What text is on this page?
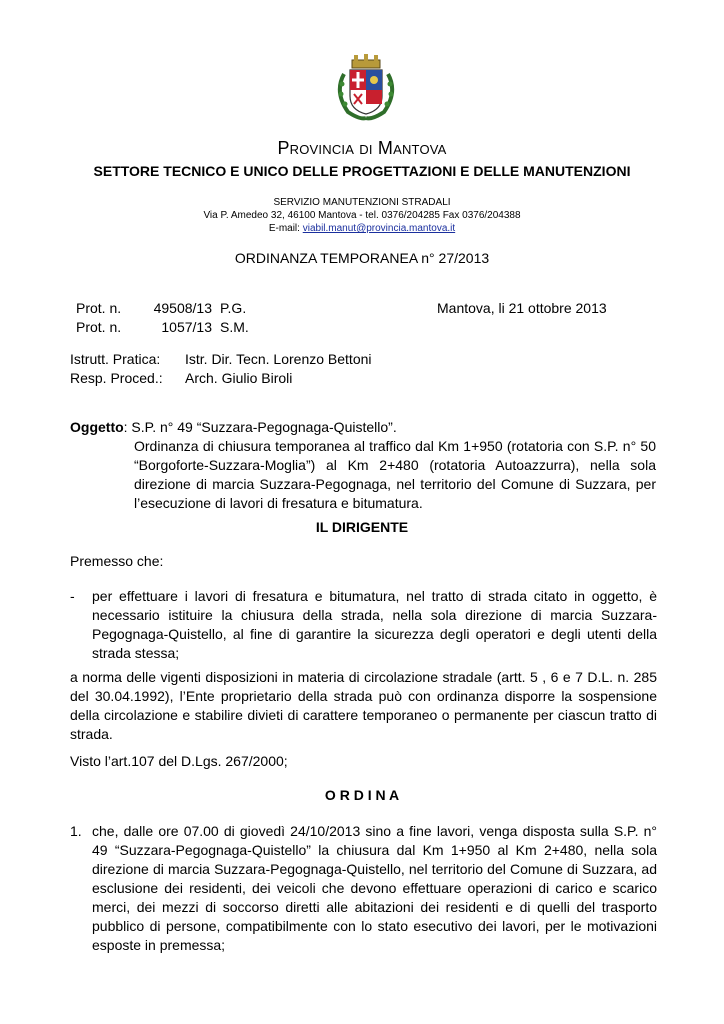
Provincia di Mantova
SETTORE TECNICO E UNICO DELLE PROGETTAZIONI E DELLE MANUTENZIONI
SERVIZIO MANUTENZIONI STRADALI
Via P. Amedeo 32, 46100 Mantova - tel. 0376/204285 Fax 0376/204388
E-mail: viabil.manut@provincia.mantova.it
ORDINANZA TEMPORANEA n° 27/2013
Prot. n. 49508/13 P.G.
Prot. n.	1057/13 S.M.
Mantova, li 21 ottobre 2013
Istrutt. Pratica: Istr. Dir. Tecn. Lorenzo Bettoni
Resp. Proced.: Arch. Giulio Biroli
Oggetto: S.P. n° 49 “Suzzara-Pegognaga-Quistello”.
Ordinanza di chiusura temporanea al traffico dal Km 1+950 (rotatoria con S.P. n° 50 “Borgoforte-Suzzara-Moglia”) al Km 2+480 (rotatoria Autoazzurra), nella sola direzione di marcia Suzzara-Pegognaga, nel territorio del Comune di Suzzara, per l’esecuzione di lavori di fresatura e bitumatura.
IL DIRIGENTE
Premesso che:
- per effettuare i lavori di fresatura e bitumatura, nel tratto di strada citato in oggetto, è necessario istituire la chiusura della strada, nella sola direzione di marcia Suzzara-Pegognaga-Quistello, al fine di garantire la sicurezza degli operatori e degli utenti della strada stessa;
a norma delle vigenti disposizioni in materia di circolazione stradale (artt. 5 , 6 e 7 D.L. n. 285 del 30.04.1992), l’Ente proprietario della strada può con ordinanza disporre la sospensione della circolazione e stabilire divieti di carattere temporaneo o permanente per ciascun tratto di strada.
Visto l’art.107 del D.Lgs. 267/2000;
O R D I N A
1. che, dalle ore 07.00 di giovedì 24/10/2013 sino a fine lavori, venga disposta sulla S.P. n° 49 “Suzzara-Pegognaga-Quistello” la chiusura dal Km 1+950 al Km 2+480, nella sola direzione di marcia Suzzara-Pegognaga-Quistello, nel territorio del Comune di Suzzara, ad esclusione dei residenti, dei veicoli che devono effettuare operazioni di carico e scarico merci, dei mezzi di soccorso diretti alle abitazioni dei residenti e di quelli del trasporto pubblico di persone, compatibilmente con lo stato esecutivo dei lavori, per le motivazioni esposte in premessa;
